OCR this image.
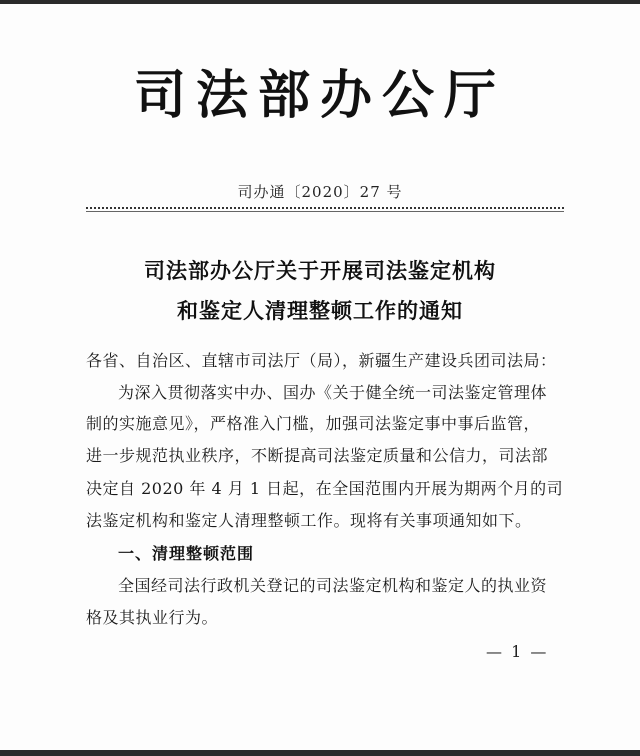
司法部办公厅
司办通〔2020〕27 号
司法部办公厅关于开展司法鉴定机构
和鉴定人清理整顿工作的通知
各省、自治区、直辖市司法厅（局），新疆生产建设兵团司法局：
为深入贯彻落实中办、国办《关于健全统一司法鉴定管理体
制的实施意见》，严格准入门槛，加强司法鉴定事中事后监管，
进一步规范执业秩序，不断提高司法鉴定质量和公信力，司法部
决定自 2020 年 4 月 1 日起，在全国范围内开展为期两个月的司
法鉴定机构和鉴定人清理整顿工作。现将有关事项通知如下。
一、清理整顿范围
全国经司法行政机关登记的司法鉴定机构和鉴定人的执业资
格及其执业行为。
— 1 —
